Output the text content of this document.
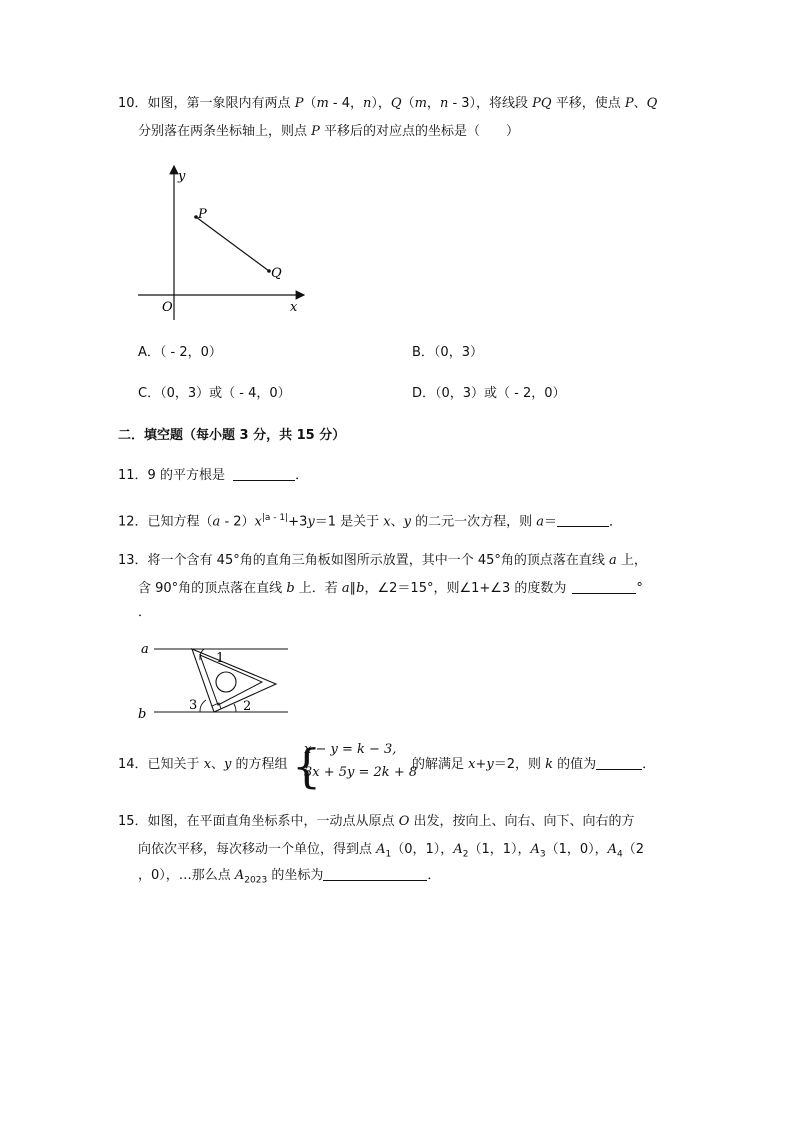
10．如图，第一象限内有两点 P（m - 4，n），Q（m，n - 3），将线段 PQ 平移，使点 P、Q
分别落在两条坐标轴上，则点 P 平移后的对应点的坐标是（　　）
y
x
O
P
Q
A．（ - 2，0）	B．（0，3）
C．（0，3）或（ - 4，0）	D．（0，3）或（ - 2，0）
二．填空题（每小题 3 分，共 15 分）
11．9 的平方根是	．
12．已知方程$(a - 2)x^{|a - 1|}+3y=1$ 是关于 x、y 的二元一次方程，则 a＝	．
13．将一个含有 45°角的直角三角板如图所示放置，其中一个 45°角的顶点落在直线 a 上，
含 90°角的顶点落在直线 b 上．若 a∥b，∠2＝15°，则∠1+∠3 的度数为	°
．
a
b
1
2
3
14．已知关于 x、y 的方程组 {
x − y = k − 3,
3x + 5y = 2k + 8
的解满足 x+y＝2，则 k 的值为	．
15．如图，在平面直角坐标系中，一动点从原点 O 出发，按向上、向右、向下、向右的方
向依次平移，每次移动一个单位，得到点 $A_1(0$，1），$A_2(1$，1），$A_3(1$，0），$A_4(2$
，0），…那么点 $A_{2023}$ 的坐标为	．
